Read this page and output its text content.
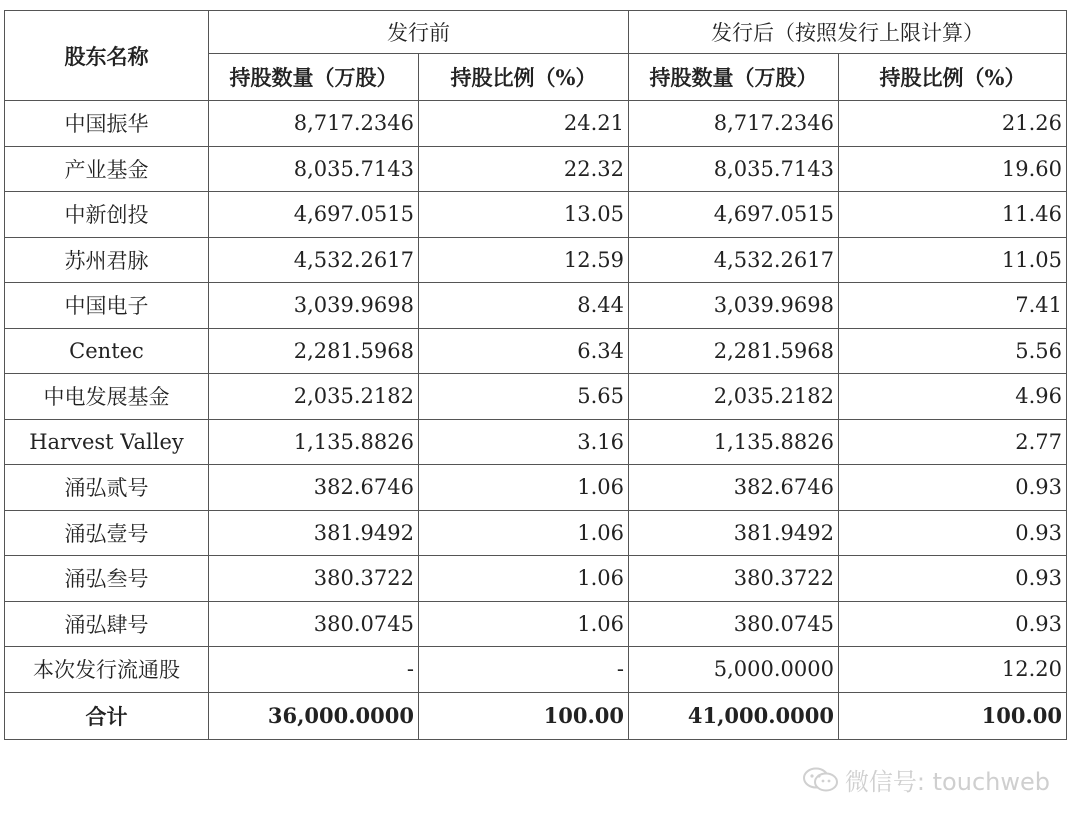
股东名称	发行前		发行后（按照发行上限计算）	
	持股数量（万股）	持股比例（%）	持股数量（万股）	持股比例（%）
中国振华	8,717.2346	24.21	8,717.2346	21.26
产业基金	8,035.7143	22.32	8,035.7143	19.60
中新创投	4,697.0515	13.05	4,697.0515	11.46
苏州君脉	4,532.2617	12.59	4,532.2617	11.05
中国电子	3,039.9698	8.44	3,039.9698	7.41
Centec	2,281.5968	6.34	2,281.5968	5.56
中电发展基金	2,035.2182	5.65	2,035.2182	4.96
Harvest Valley	1,135.8826	3.16	1,135.8826	2.77
涌弘贰号	382.6746	1.06	382.6746	0.93
涌弘壹号	381.9492	1.06	381.9492	0.93
涌弘叁号	380.3722	1.06	380.3722	0.93
涌弘肆号	380.0745	1.06	380.0745	0.93
本次发行流通股	-	-	5,000.0000	12.20
合计	36,000.0000	100.00	41,000.0000	100.00
微信号: touchweb
